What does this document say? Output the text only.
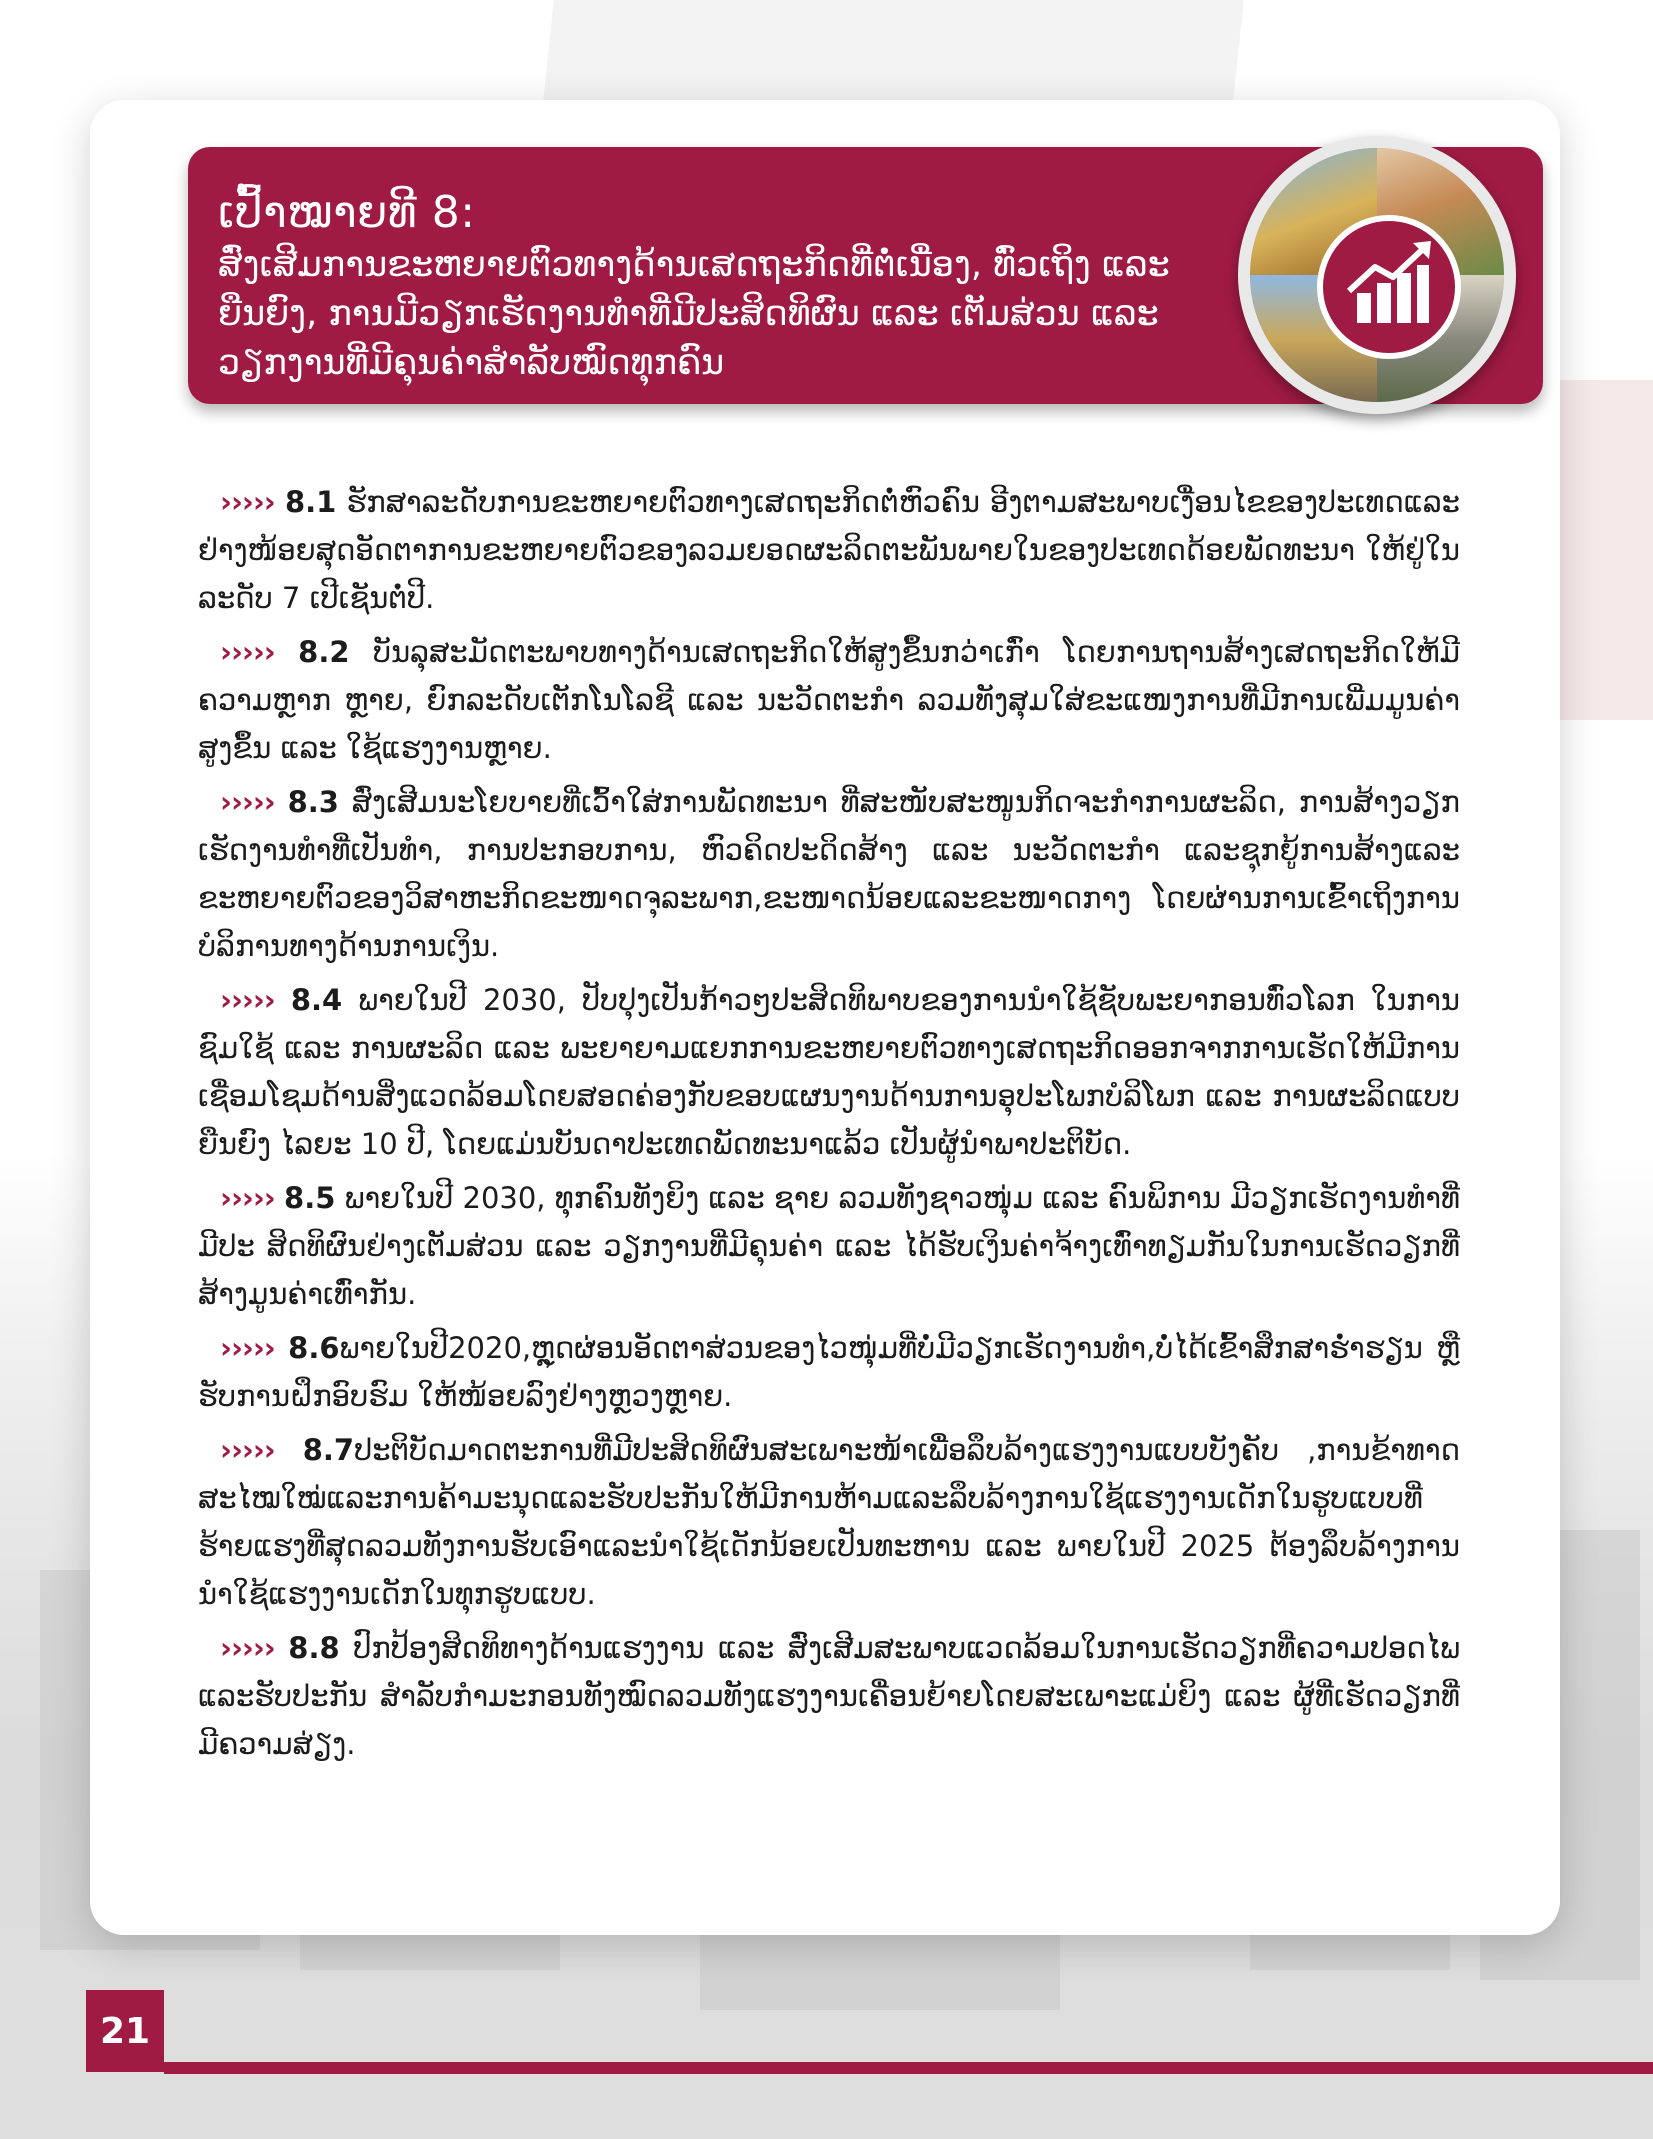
ເປົ້າໝາຍທີ 8:
ສົ່ງເສີມການຂະຫຍາຍຕົວທາງດ້ານເສດຖະກິດທີ່ຕໍ່ເນື່ອງ, ທົ່ວເຖິງ ແລະ ຍືນຍົງ, ການມີວຽກເຮັດງານທຳທີ່ມີປະສິດທິຜົນ ແລະ ເຕັມສ່ວນ ແລະ ວຽກງານທີ່ມີຄຸນຄ່າສໍາລັບໝົດທຸກຄົນ

››››› 8.1 ຮັກສາລະດັບການຂະຫຍາຍຕົວທາງເສດຖະກິດຕໍ່ຫົວຄົນ ອີງຕາມສະພາບເງື່ອນໄຂຂອງປະເທດແລະຢ່າງໜ້ອຍສຸດອັດຕາການຂະຫຍາຍຕົວຂອງລວມຍອດຜະລິດຕະພັນພາຍໃນຂອງປະເທດດ້ອຍພັດທະນາ ໃຫ້ຢູ່ໃນລະດັບ 7 ເປີເຊັນຕໍ່ປີ.

››››› 8.2 ບັນລຸສະມັດຕະພາບທາງດ້ານເສດຖະກິດໃຫ້ສູງຂຶ້ນກວ່າເກົ່າ ໂດຍການຖານສ້າງເສດຖະກິດໃຫ້ມີຄວາມຫຼາກ ຫຼາຍ, ຍົກລະດັບເຕັກໂນໂລຊີ ແລະ ນະວັດຕະກໍາ ລວມທັງສຸມໃສ່ຂະແໜງການທີ່ມີການເພີ່ມມູນຄ່າສູງຂຶ້ນ ແລະ ໃຊ້ແຮງງານຫຼາຍ.

››››› 8.3 ສົ່ງເສີມນະໂຍບາຍທີ່ເວົ້າໃສ່ການພັດທະນາ ທີ່ສະໜັບສະໜູນກິດຈະກໍາການຜະລິດ, ການສ້າງວຽກເຮັດງານທຳທີ່ເປັນທຳ, ການປະກອບການ, ຫົວຄິດປະດິດສ້າງ ແລະ ນະວັດຕະກໍາ ແລະຊຸກຍູ້ການສ້າງແລະຂະຫຍາຍຕົວຂອງວິສາຫະກິດຂະໜາດຈຸລະພາກ,ຂະໜາດນ້ອຍແລະຂະໜາດກາງ ໂດຍຜ່ານການເຂົ້າເຖິງການບໍລິການທາງດ້ານການເງິນ.

››››› 8.4 ພາຍໃນປີ 2030, ປັບປຸງເປັນກ້າວໆປະສິດທິພາບຂອງການນໍາໃຊ້ຊັບພະຍາກອນທົ່ວໂລກ ໃນການຊົມໃຊ້ ແລະ ການຜະລິດ ແລະ ພະຍາຍາມແຍກການຂະຫຍາຍຕົວທາງເສດຖະກິດອອກຈາກການເຮັດໃຫ້ມີການເຊື່ອມໂຊມດ້ານສິ່ງແວດລ້ອມໂດຍສອດຄ່ອງກັບຂອບແຜນງານດ້ານການອຸປະໂພກບໍລິໂພກ ແລະ ການຜະລິດແບບຍືນຍົງ ໄລຍະ 10 ປີ, ໂດຍແມ່ນບັນດາປະເທດພັດທະນາແລ້ວ ເປັນຜູ້ນໍາພາປະຕິບັດ.

››››› 8.5 ພາຍໃນປີ 2030, ທຸກຄົນທັງຍິງ ແລະ ຊາຍ ລວມທັງຊາວໜຸ່ມ ແລະ ຄົນພິການ ມີວຽກເຮັດງານທຳທີ່ມີປະ ສິດທິຜົນຢ່າງເຕັມສ່ວນ ແລະ ວຽກງານທີ່ມີຄຸນຄ່າ ແລະ ໄດ້ຮັບເງິນຄ່າຈ້າງເທົ່າທຽມກັນໃນການເຮັດວຽກທີ່ສ້າງມູນຄ່າເທົ່າກັນ.

››››› 8.6ພາຍໃນປີ2020,ຫຼຸດຜ່ອນອັດຕາສ່ວນຂອງໄວໜຸ່ມທີ່ບໍ່ມີວຽກເຮັດງານທຳ,ບໍ່ໄດ້ເຂົ້າສຶກສາຮໍ່າຮຽນ ຫຼື ຮັບການຝຶກອົບຮົມ ໃຫ້ໜ້ອຍລົງຢ່າງຫຼວງຫຼາຍ.

››››› 8.7ປະຕິບັດມາດຕະການທີ່ມີປະສິດທິຜົນສະເພາະໜ້າເພື່ອລຶບລ້າງແຮງງານແບບບັງຄັບ ,ການຂ້າທາດສະໄໝໃໝ່ແລະການຄ້າມະນຸດແລະຮັບປະກັນໃຫ້ມີການຫ້າມແລະລຶບລ້າງການໃຊ້ແຮງງານເດັກໃນຮູບແບບທີ່ຮ້າຍແຮງທີ່ສຸດລວມທັງການຮັບເອົາແລະນໍາໃຊ້ເດັກນ້ອຍເປັນທະຫານ ແລະ ພາຍໃນປີ 2025 ຕ້ອງລຶບລ້າງການນໍາໃຊ້ແຮງງານເດັກໃນທຸກຮູບແບບ.

››››› 8.8 ປົກປ້ອງສິດທິທາງດ້ານແຮງງານ ແລະ ສົ່ງເສີມສະພາບແວດລ້ອມໃນການເຮັດວຽກທີ່ຄວາມປອດໄພແລະຮັບປະກັນ ສໍາລັບກໍາມະກອນທັງໝົດລວມທັງແຮງງານເຄື່ອນຍ້າຍໂດຍສະເພາະແມ່ຍິງ ແລະ ຜູ້ທີ່ເຮັດວຽກທີ່ມີຄວາມສ່ຽງ.

21
